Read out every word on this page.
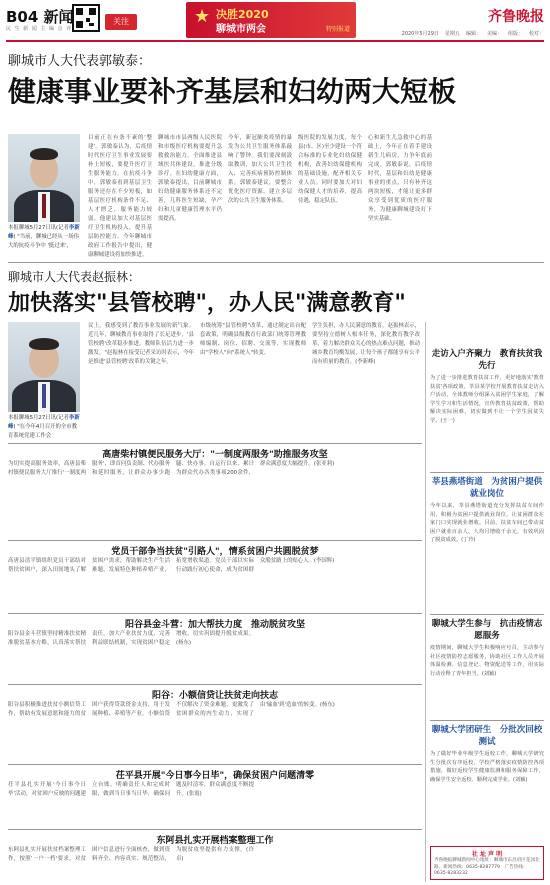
B04 新闻
民 生 新 闻 主 编 点 评
关注	★ 决胜2020
聊城市两会	特别报道
齐鲁晚报
2020年5月29日 星期五 编辑： 美编： 组版： 校对：
聊城市人大代表郭敏泰：
健康事业要补齐基层和妇幼两大短板
本报聊城5月27日讯(记者李新峰) "当前，聊城已经从一场伟大的抗疫斗争中 '挺过来'，
目前正在有条不紊的'整建'。郭敏泰认为，后疫情时代医疗卫生事业发展要补上短板，要提升医疗卫生服务能力。在抗疫斗争中，郭敏泰看到基层卫生服务还存在不少短板，如基层医疗机构条件不足、人才匮乏，服务能力较弱。他建议加大对基层医疗卫生机构投入，提升基层防控能力。今年聊城市政府工作报告中提出，健康聊城建设将加快推进。
聊城市市县两级人民医院和市级医疗机构要提升急救救治能力。全面推进县域医共体建设，推进分级诊疗。在妇幼健康方面，郭敏泰提出，目前聊城市妇幼健康服务体系还不完善，儿科医生短缺，孕产妇和儿童健康管理水平仍需提高。
今年，新冠肺炎疫情的暴发为公共卫生服务体系敲响了警钟。我们要深刻汲取教训，加大公共卫生投入，完善疾病预防控制体系。郭敏泰建议，要整合优化医疗资源，建立多层次的公共卫生服务体系。
级医院的发展力度，每个县(市、区)至少建设一个符合标准的专业化妇幼保健机构，改善妇幼保健机构的基础设施，配齐相关专业人员。同时要加大对妇幼保健人才的培养，提高待遇，稳定队伍。
心和新生儿急救中心的基础上，今年正在着手建设新生儿病房，力争年底前完成。郭敏泰说，后疫情时代，基层和妇幼是健康事业的重点，只有补齐这两块短板，才能让更多群众享受到优质的医疗服务，为健康聊城建设打下坚实基础。
聊城市人大代表赵振林：
加快落实"县管校聘"，办人民"满意教育"
本报聊城5月27日讯(记者李新峰) "在今年4月召开的全市教育系统党建工作会
议上，我感受到了教育事业发展的新气象。近几年，聊城教育事业取得了长足进步，'县管校聘'改革稳步推进，教师队伍活力进一步激发。"赵振林在接受记者采访时表示，今年是推进'县管校聘'改革的关键之年。
市级统筹"县管校聘"改革，通过制定出台配套政策，明确县级教育行政部门统筹管理教师编制、岗位、招聘、交流等，实现教师由"学校人"向"系统人"转变。
学生负担，办人民满意的教育。赵振林表示，要坚持立德树人根本任务，深化教育教学改革，着力解决群众关心的热点难点问题，推动城乡教育均衡发展，让每个孩子都能享有公平而有质量的教育。(李新峰)
高唐柴村镇便民服务大厅："一制度两服务"助推服务攻坚
为切实提高服务效率，高唐县柴村镇便民服务大厅推行'一制度两服务'，即首问负责制、代办服务和延时服务，让群众办事少跑腿、快办事。自运行以来，累计为群众代办各类事项200余件，群众满意度大幅提升。(张亚莉)
党员干部争当扶贫"引路人"，情系贫困户共圆脱贫梦
高唐县清平镇组织党员干部结对帮扶贫困户，深入田间地头了解贫困户需求，帮助解决生产生活难题，发展特色种植养殖产业，拓宽增收渠道。党员干部以实际行动践行初心使命，成为贫困群众脱贫路上的贴心人。(李国辉)
阳谷县金斗营：加大帮扶力度　推动脱贫攻坚
阳谷县金斗营镇坚持精准扶贫精准脱贫基本方略，认真落实帮扶责任，加大产业扶贫力度，完善利益联结机制，实现贫困户稳定增收，切实巩固提升脱贫成果。(杨东)
阳谷：小额信贷让扶贫走向扶志
阳谷县积极推进扶贫小额信贷工作，帮助有发展意愿和能力的贫困户获得贷款资金支持，用于发展种植、养殖等产业。小额信贷不仅解决了资金难题，更激发了贫困群众的内生动力，实现了由'输血'到'造血'的转变。(杨东)
茌平县开展"今日事今日毕"，确保贫困户问题清零
茌平县扎实开展'今日事今日毕'活动，对贫困户反映的问题建立台账，明确责任人和完成时限，做到当日事当日毕，确保问题及时清零，群众满意度不断提升。(张霞)
东阿县扎实开展档案整理工作
东阿县扎实开展扶贫档案整理工作，按照'一户一档'要求，对贫困户信息进行全面核查，做到资料齐全、内容真实、规范整洁，为脱贫攻坚提供有力支撑。(许卓)
走访入户齐聚力　教育扶贫我先行
为了进一步推进教育扶贫工作，更好地落实'教育扶贫'各项政策，莘县某学校开展教育扶贫走访入户活动，全体教师分组深入贫困学生家庭，了解学生学习和生活情况，宣传教育扶贫政策，帮助解决实际困难，切实做到不让一个学生因贫失学。(王一)
莘县燕塔街道　为贫困户提供就业岗位
今年以来，莘县燕塔街道充分发挥扶贫车间作用，积极为贫困户提供就业岗位，让贫困群众在家门口实现就业增收。目前，扶贫车间已带动贫困户就业百余人，人均月增收千余元，有效巩固了脱贫成效。(丁玲)
聊城大学生参与　抗击疫情志愿服务
疫情期间，聊城大学生积极响应号召，主动参与社区疫情防控志愿服务，协助社区工作人员开展体温检测、信息登记、物资配送等工作，用实际行动诠释了青年担当。(刘颖)
聊城大学团研生　分批次回校测试
为了做好毕业年级学生返校工作，聊城大学研究生分批次有序返校，学校严格落实疫情防控各项措施，做好返校学生健康监测和服务保障工作，确保学生安全返校、顺利完成学业。(刘颖)
社 址 声 明
齐鲁晚报聊城新闻中心地址：聊城市东昌府区花园北路。新闻热线：0635-8287779　广告热线：0635-8283232
